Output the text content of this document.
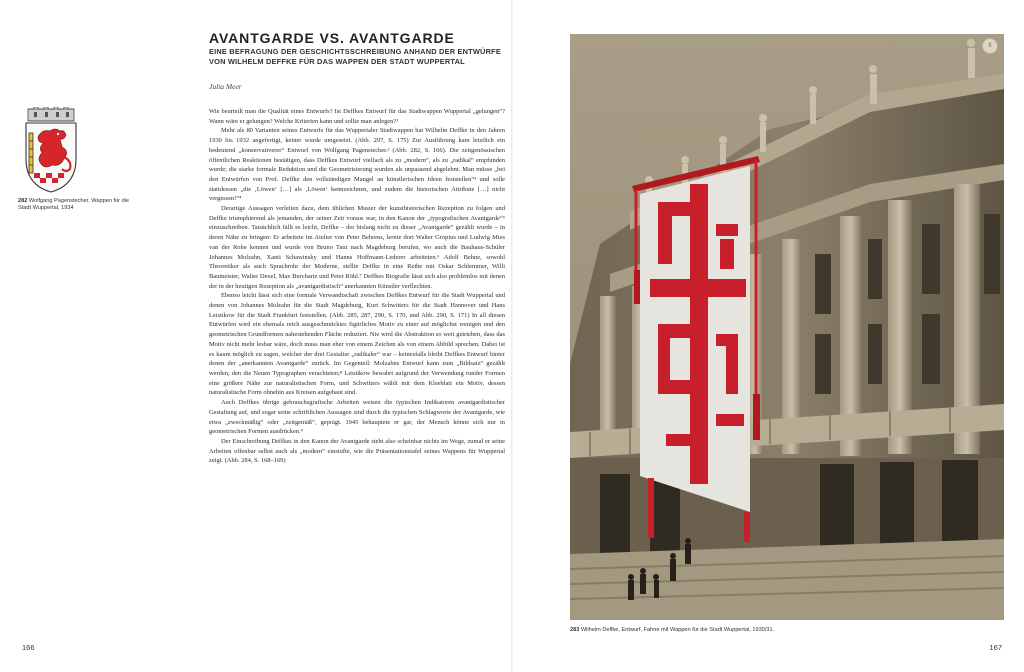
AVANTGARDE VS. AVANTGARDE
EINE BEFRAGUNG DER GESCHICHTSSCHREIBUNG ANHAND DER ENTWÜRFE VON WILHELM DEFFKE FÜR DAS WAPPEN DER STADT WUPPERTAL
Julia Meer
282 Wolfgang Pagenstecher, Wappen für die Stadt Wuppertal, 1934

Wie beurteilt man die Qualität eines Entwurfs? Ist Deffkes Entwurf für das Stadtwappen Wuppertal „gelungen“? Wann wäre er gelungen? Welche Kriterien kann und sollte man anlegen?¹

Mehr als 80 Varianten seines Entwurfs für das Wuppertaler Stadtwappen hat Wilhelm Deffke in den Jahren 1930 bis 1932 angefertigt, keiner wurde umgesetzt. (Abb. 297, S. 175) Zur Ausführung kam letztlich ein bedeutend „konservativerer“ Entwurf von Wolfgang Pagenstecher.² (Abb. 282, S. 166). Die zeitgenössischen öffentlichen Reaktionen bestätigen, dass Deffkes Entwurf vielfach als zu „modern“, als zu „radikal“ empfunden wurde; die starke formale Reduktion und die Geometrisierung wurden als unpassend abgelehnt. Man müsse „bei den Entwürfen von Prof. Deffke den vollständigen Mangel an künstlerischen Ideen feststellen“³ und solle stattdessen „die ‚Löwen‘ […] als ‚Löwen‘ kennzeichnen, und zudem die historischen Attribute […] nicht vergessen!“⁴

Derartige Aussagen verleiten dazu, dem üblichen Muster der kunsthistorischen Rezeption zu folgen und Deffke triumphierend als jemanden, der seiner Zeit voraus war, in den Kanon der „typografischen Avantgarde“⁵ einzuschreiben. Tatsächlich fällt es leicht, Deffke – der bislang nicht zu dieser „Avantgarde“ gezählt wurde – in deren Nähe zu bringen: Er arbeitete im Atelier von Peter Behrens, lernte dort Walter Gropius und Ludwig Mies van der Rohe kennen und wurde von Bruno Taut nach Magdeburg berufen, wo auch die Bauhaus-Schüler Johannes Molzahn, Xanti Schawinsky und Hanns Hoffmann-Lederer arbeiteten.⁶ Adolf Behne, sowohl Theoretiker als auch Sprachrohr der Moderne, stellte Deffke in eine Reihe mit Oskar Schlemmer, Willi Baumeister, Walter Dexel, Max Burchartz und Peter Röhl.⁷ Deffkes Biografie lässt sich also problemlos mit denen der in der heutigen Rezeption als „avantgardistisch“ anerkannten Künstler verflechten.

Ebenso leicht lässt sich eine formale Verwandtschaft zwischen Deffkes Entwurf für die Stadt Wuppertal und denen von Johannes Molzahn für die Stadt Magdeburg, Kurt Schwitters für die Stadt Hannover und Hans Leistikow für die Stadt Frankfurt feststellen. (Abb. 285, 287, 290, S. 170, und Abb. 290, S. 171) In all diesen Entwürfen wird ein ehemals reich ausgeschmücktes figürliches Motiv zu einer auf möglichst wenigen und den geometrischen Grundformen nahestehenden Fläche reduziert. Nie wird die Abstraktion so weit getrieben, dass das Motiv nicht mehr lesbar wäre, doch muss man eher von einem Zeichen als von einem Abbild sprechen. Dabei ist es kaum möglich zu sagen, welcher der drei Gestalter „radikaler“ war – keinesfalls bleibt Deffkes Entwurf hinter denen der „anerkannten Avantgarde“ zurück. Im Gegenteil: Molzahns Entwurf kann zum „Bildsatz“ gezählt werden, den die Neuen Typographen verachteten;⁸ Leistikow bewahrt aufgrund der Verwendung runder Formen eine größere Nähe zur naturalistischen Form, und Schwitters wählt mit dem Kleeblatt ein Motiv, dessen naturalistische Form ohnehin aus Kreisen aufgebaut sind.

Auch Deffkes übrige gebrauchsgrafische Arbeiten weisen die typischen Indikatoren avantgardistischer Gestaltung auf, und sogar seine schriftlichen Aussagen sind durch die typischen Schlagworte der Avantgarde, wie etwa „zweckmäßig“ oder „zeitgemäß“, geprägt. 1945 behauptete er gar, der Mensch könne sich nur in geometrischen Formen ausdrücken.⁹

Der Einschreibung Deffkes in den Kanon der Avantgarde steht also scheinbar nichts im Wege, zumal er seine Arbeiten offenbar selbst auch als „modern“ einstufte, wie die Präsentationstafel seines Wappens für Wuppertal zeigt. (Abb. 284, S. 168–169)

166
II
283 Wilhelm Deffke, Entwurf, Fahne mit Wappen für die Stadt Wuppertal, 1930/31.
167
